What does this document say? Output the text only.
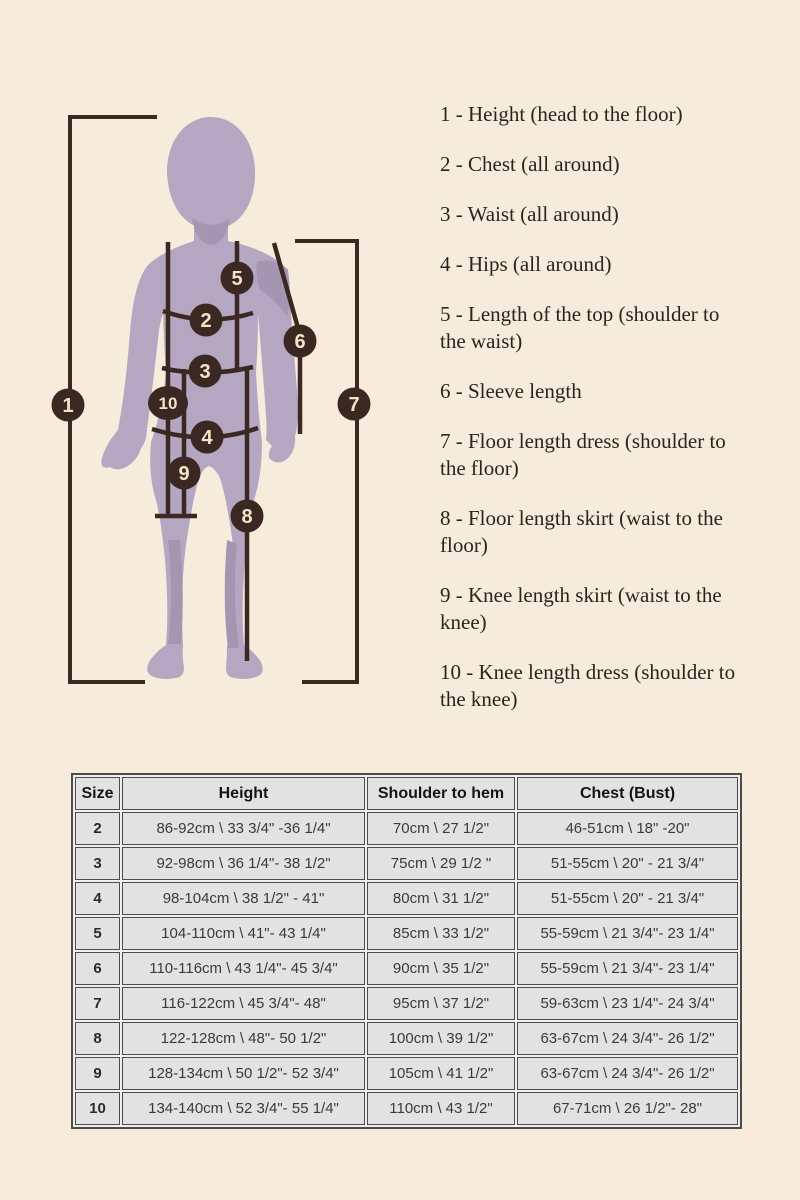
1
2
3
4
5
6
7
8
9
10
1 - Height (head to the floor)
2 - Chest (all around)
3 - Waist (all around)
4 - Hips (all around)
5 - Length of the top (shoulder to the waist)
6 - Sleeve length
7 - Floor length dress (shoulder to the floor)
8 - Floor length skirt (waist to the floor)
9 - Knee length skirt (waist to the knee)
10 - Knee length dress (shoulder to the knee)
Size	Height	Shoulder to hem	Chest (Bust)
2	86-92cm \ 33 3/4" -36 1/4"	70cm \ 27 1/2"	46-51cm \ 18" -20"
3	92-98cm \ 36 1/4"- 38 1/2"	75cm \ 29 1/2 "	51-55cm \ 20" - 21 3/4"
4	98-104cm \ 38 1/2" - 41"	80cm \ 31 1/2"	51-55cm \ 20" - 21 3/4"
5	104-110cm \ 41"- 43 1/4"	85cm \ 33 1/2"	55-59cm \ 21 3/4"- 23 1/4"
6	110-116cm \ 43 1/4"- 45 3/4"	90cm \ 35 1/2"	55-59cm \ 21 3/4"- 23 1/4"
7	116-122cm \ 45 3/4"- 48"	95cm \ 37 1/2"	59-63cm \ 23 1/4"- 24 3/4"
8	122-128cm \ 48"- 50 1/2"	100cm \ 39 1/2"	63-67cm \ 24 3/4"- 26 1/2"
9	128-134cm \ 50 1/2"- 52 3/4"	105cm \ 41 1/2"	63-67cm \ 24 3/4"- 26 1/2"
10	134-140cm \ 52 3/4"- 55 1/4"	110cm \ 43 1/2"	67-71cm \ 26 1/2"- 28"
